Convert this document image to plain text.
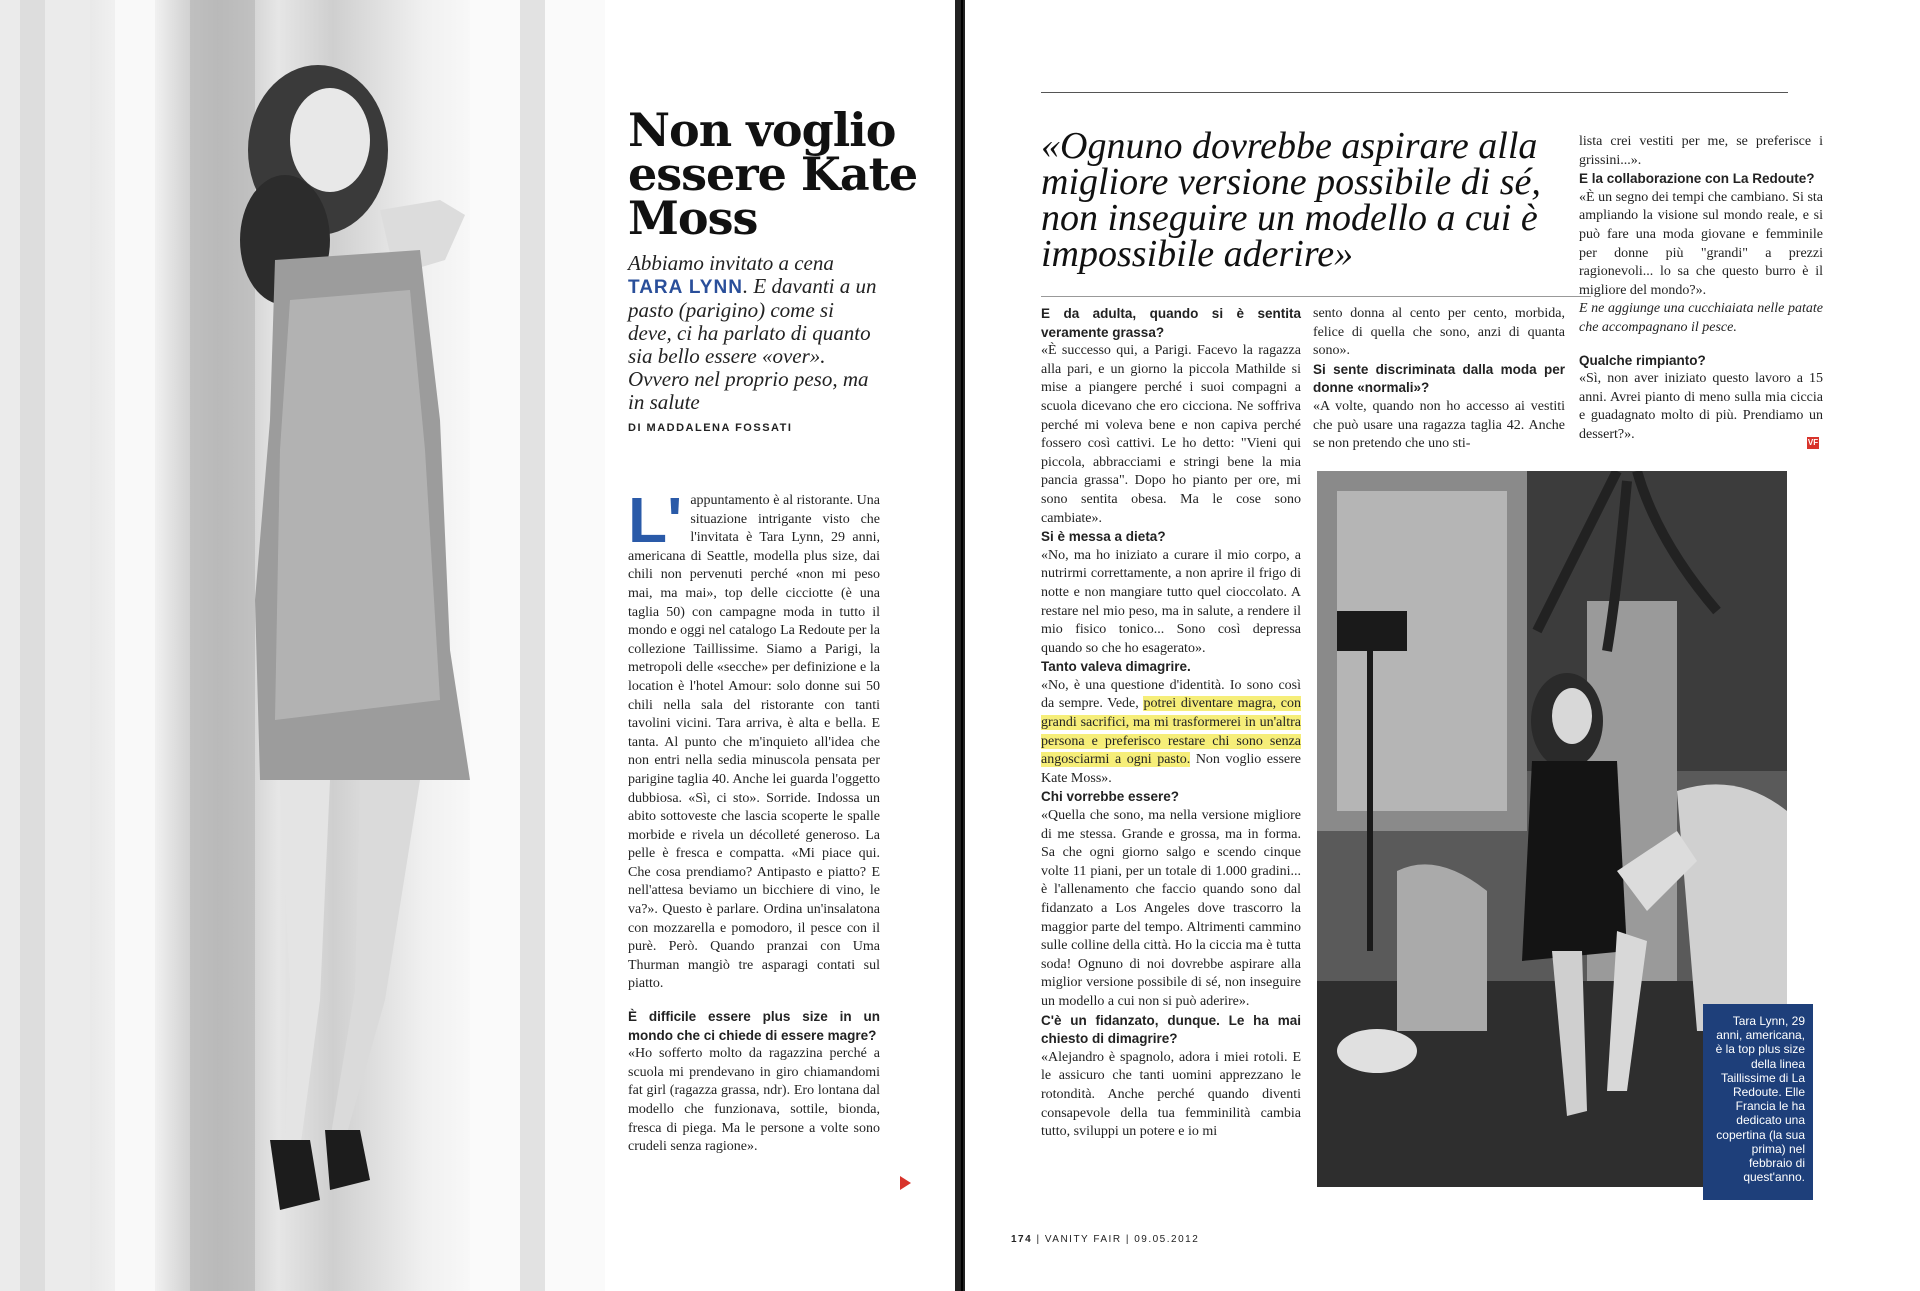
Non voglio essere Kate Moss

Abbiamo invitato a cena
TARA LYNN. E davanti a un pasto (parigino) come si deve, ci ha parlato di quanto sia bello essere «over». Ovvero nel proprio peso, ma in salute

DI MADDALENA FOSSATI

L' appuntamento è al ristorante. Una situazione intrigante visto che l'invitata è Tara Lynn, 29 anni, americana di Seattle, modella plus size, dai chili non pervenuti perché «non mi peso mai, ma mai», top delle cicciotte (è una taglia 50) con campagne moda in tutto il mondo e oggi nel catalogo La Redoute per la collezione Taillissime. Siamo a Parigi, la metropoli delle «secche» per definizione e la location è l'hotel Amour: solo donne sui 50 chili nella sala del ristorante con tanti tavolini vicini. Tara arriva, è alta e bella. E tanta. Al punto che m'inquieto all'idea che non entri nella sedia minuscola pensata per parigine taglia 40. Anche lei guarda l'oggetto dubbiosa. «Sì, ci sto». Sorride. Indossa un abito sottoveste che lascia scoperte le spalle morbide e rivela un décolleté generoso. La pelle è fresca e compatta. «Mi piace qui. Che cosa prendiamo? Antipasto e piatto? E nell'attesa beviamo un bicchiere di vino, le va?». Questo è parlare. Ordina un'insalatona con mozzarella e pomodoro, il pesce con il purè. Però. Quando pranzai con Uma Thurman mangiò tre asparagi contati sul piatto.

È difficile essere plus size in un mondo che ci chiede di essere magre?
«Ho sofferto molto da ragazzina perché a scuola mi prendevano in giro chiamandomi fat girl (ragazza grassa, ndr). Ero lontana dal modello che funzionava, sottile, bionda, fresca di piega. Ma le persone a volte sono crudeli senza ragione».

«Ognuno dovrebbe aspirare alla migliore versione possibile di sé, non inseguire un modello a cui è impossibile aderire»

E da adulta, quando si è sentita veramente grassa?
«È successo qui, a Parigi. Facevo la ragazza alla pari, e un giorno la piccola Mathilde si mise a piangere perché i suoi compagni a scuola dicevano che ero cicciona. Ne soffriva perché mi voleva bene e non capiva perché fossero così cattivi. Le ho detto: "Vieni qui piccola, abbracciami e stringi bene la mia pancia grassa". Dopo ho pianto per ore, mi sono sentita obesa. Ma le cose sono cambiate».

Si è messa a dieta?
«No, ma ho iniziato a curare il mio corpo, a nutrirmi correttamente, a non aprire il frigo di notte e non mangiare tutto quel cioccolato. A restare nel mio peso, ma in salute, a rendere il mio fisico tonico... Sono così depressa quando so che ho esagerato».

Tanto valeva dimagrire.
«No, è una questione d'identità. Io sono così da sempre. Vede, potrei diventare magra, con grandi sacrifici, ma mi trasformerei in un'altra persona e preferisco restare chi sono senza angosciarmi a ogni pasto. Non voglio essere Kate Moss».

Chi vorrebbe essere?
«Quella che sono, ma nella versione migliore di me stessa. Grande e grossa, ma in forma. Sa che ogni giorno salgo e scendo cinque volte 11 piani, per un totale di 1.000 gradini... è l'allenamento che faccio quando sono dal fidanzato a Los Angeles dove trascorro la maggior parte del tempo. Altrimenti cammino sulle colline della città. Ho la ciccia ma è tutta soda! Ognuno di noi dovrebbe aspirare alla miglior versione possibile di sé, non inseguire un modello a cui non si può aderire».

C'è un fidanzato, dunque. Le ha mai chiesto di dimagrire?
«Alejandro è spagnolo, adora i miei rotoli. E le assicuro che tanti uomini apprezzano le rotondità. Anche perché quando diventi consapevole della tua femminilità cambia tutto, sviluppi un potere e io mi

sento donna al cento per cento, morbida, felice di quella che sono, anzi di quanta sono».

Si sente discriminata dalla moda per donne «normali»?
«A volte, quando non ho accesso ai vestiti che può usare una ragazza taglia 42. Anche se non pretendo che uno sti-

lista crei vestiti per me, se preferisce i grissini...».

E la collaborazione con La Redoute?
«È un segno dei tempi che cambiano. Si sta ampliando la visione sul mondo reale, e si può fare una moda giovane e femminile per donne più "grandi" a prezzi ragionevoli... lo sa che questo burro è il migliore del mondo?».

E ne aggiunge una cucchiaiata nelle patate che accompagnano il pesce.

Qualche rimpianto?
«Sì, non aver iniziato questo lavoro a 15 anni. Avrei pianto di meno sulla mia ciccia e guadagnato molto di più. Prendiamo un dessert?».

VF
Tara Lynn, 29 anni, americana, è la top plus size della linea Taillissime di La Redoute. Elle Francia le ha dedicato una copertina (la sua prima) nel febbraio di quest'anno.
174 | VANITY FAIR | 09.05.2012
